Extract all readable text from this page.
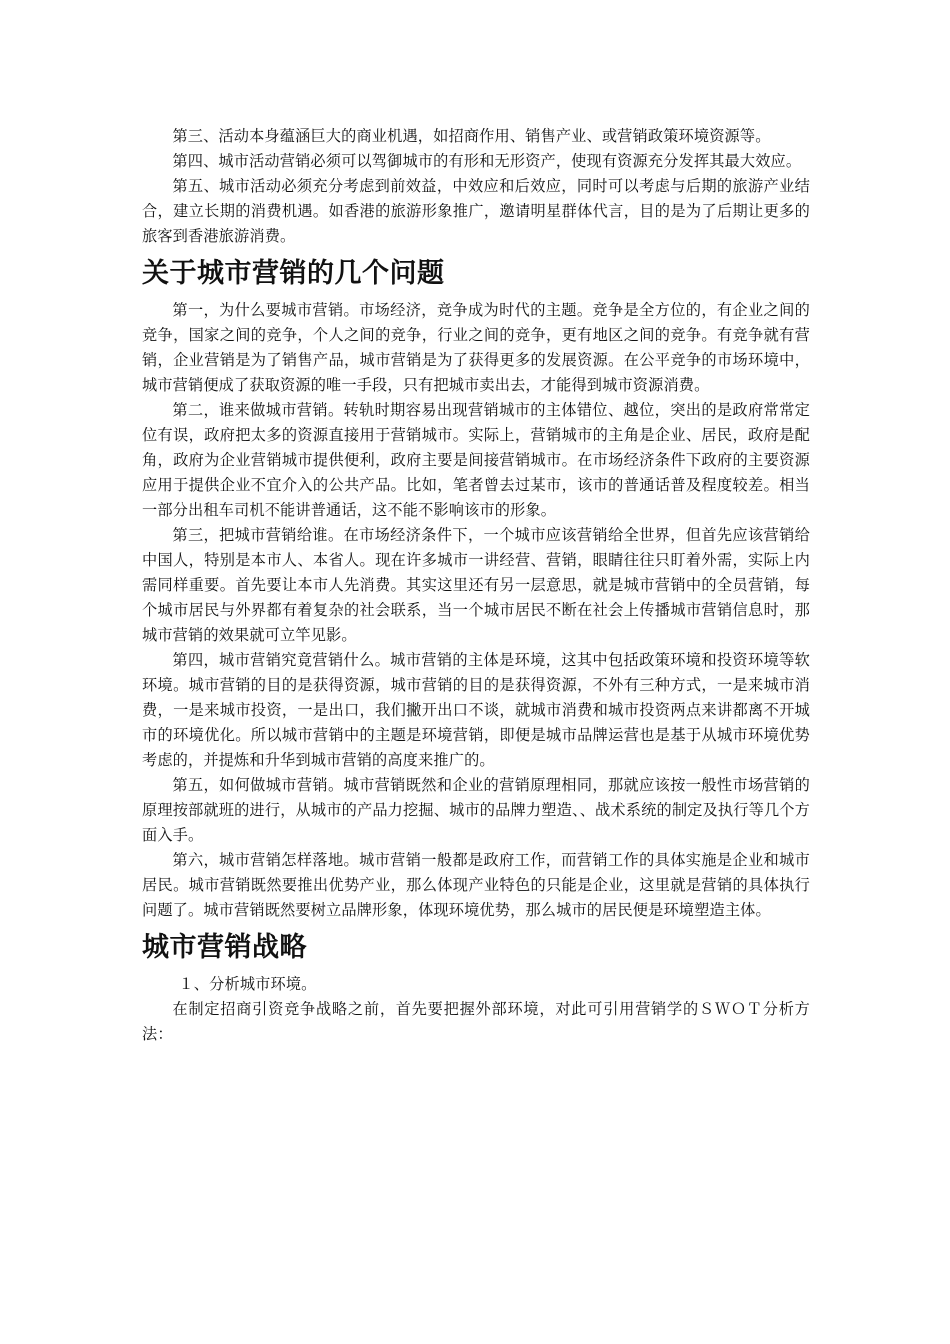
第三、活动本身蕴涵巨大的商业机遇，如招商作用、销售产业、或营销政策环境资源等。

第四、城市活动营销必须可以驾御城市的有形和无形资产，使现有资源充分发挥其最大效应。

第五、城市活动必须充分考虑到前效益，中效应和后效应，同时可以考虑与后期的旅游产业结合，建立长期的消费机遇。如香港的旅游形象推广，邀请明星群体代言，目的是为了后期让更多的旅客到香港旅游消费。

关于城市营销的几个问题

第一，为什么要城市营销。市场经济，竞争成为时代的主题。竞争是全方位的，有企业之间的竞争，国家之间的竞争，个人之间的竞争，行业之间的竞争，更有地区之间的竞争。有竞争就有营销，企业营销是为了销售产品，城市营销是为了获得更多的发展资源。在公平竞争的市场环境中，城市营销便成了获取资源的唯一手段，只有把城市卖出去，才能得到城市资源消费。

第二，谁来做城市营销。转轨时期容易出现营销城市的主体错位、越位，突出的是政府常常定位有误，政府把太多的资源直接用于营销城市。实际上，营销城市的主角是企业、居民，政府是配角，政府为企业营销城市提供便利，政府主要是间接营销城市。在市场经济条件下政府的主要资源应用于提供企业不宜介入的公共产品。比如，笔者曾去过某市，该市的普通话普及程度较差。相当一部分出租车司机不能讲普通话，这不能不影响该市的形象。

第三，把城市营销给谁。在市场经济条件下，一个城市应该营销给全世界，但首先应该营销给中国人，特别是本市人、本省人。现在许多城市一讲经营、营销，眼睛往往只盯着外需，实际上内需同样重要。首先要让本市人先消费。其实这里还有另一层意思，就是城市营销中的全员营销，每个城市居民与外界都有着复杂的社会联系，当一个城市居民不断在社会上传播城市营销信息时，那城市营销的效果就可立竿见影。

第四，城市营销究竟营销什么。城市营销的主体是环境，这其中包括政策环境和投资环境等软环境。城市营销的目的是获得资源，城市营销的目的是获得资源，不外有三种方式，一是来城市消费，一是来城市投资，一是出口，我们撇开出口不谈，就城市消费和城市投资两点来讲都离不开城市的环境优化。所以城市营销中的主题是环境营销，即便是城市品牌运营也是基于从城市环境优势考虑的，并提炼和升华到城市营销的高度来推广的。

第五，如何做城市营销。城市营销既然和企业的营销原理相同，那就应该按一般性市场营销的原理按部就班的进行，从城市的产品力挖掘、城市的品牌力塑造、、战术系统的制定及执行等几个方面入手。

第六，城市营销怎样落地。城市营销一般都是政府工作，而营销工作的具体实施是企业和城市居民。城市营销既然要推出优势产业，那么体现产业特色的只能是企业，这里就是营销的具体执行问题了。城市营销既然要树立品牌形象，体现环境优势，那么城市的居民便是环境塑造主体。

城市营销战略

１、分析城市环境。

在制定招商引资竞争战略之前，首先要把握外部环境，对此可引用营销学的ＳＷＯＴ分析方法：
